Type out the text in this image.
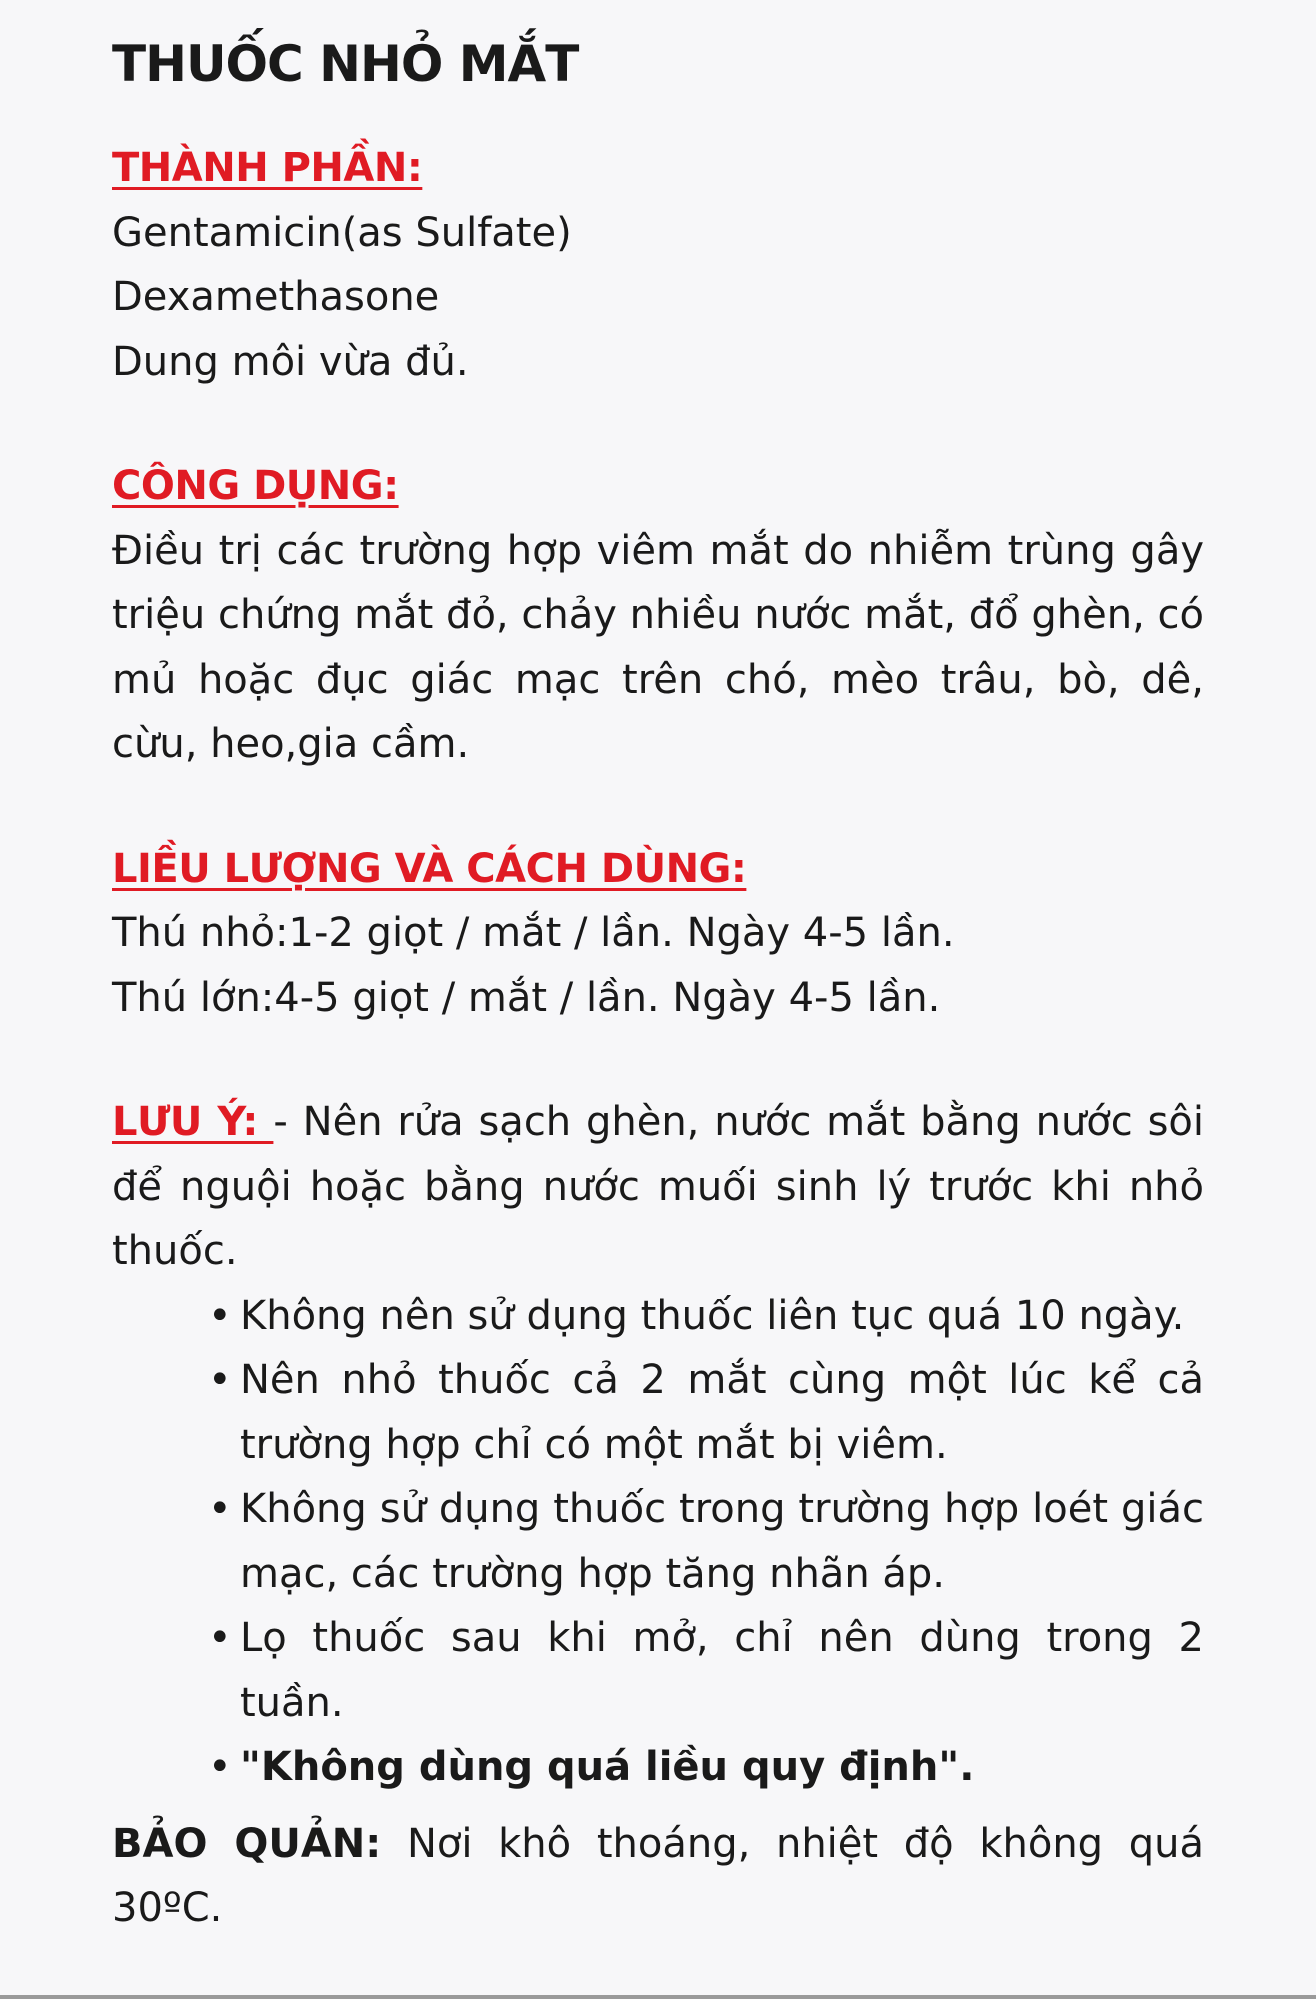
THUỐC NHỎ MẮT
THÀNH PHẦN:
Gentamicin(as Sulfate)
Dexamethasone
Dung môi vừa đủ.
CÔNG DỤNG:
Điều trị các trường hợp viêm mắt do nhiễm trùng gây triệu chứng mắt đỏ, chảy nhiều nước mắt, đổ ghèn, có mủ hoặc đục giác mạc trên chó, mèo trâu, bò, dê, cừu, heo,gia cầm.
LIỀU LƯỢNG VÀ CÁCH DÙNG:
Thú nhỏ:1-2 giọt / mắt / lần. Ngày 4-5 lần.
Thú lớn:4-5 giọt / mắt / lần. Ngày 4-5 lần.
LƯU Ý: - Nên rửa sạch ghèn, nước mắt bằng nước sôi để nguội hoặc bằng nước muối sinh lý trước khi nhỏ thuốc.
• Không nên sử dụng thuốc liên tục quá 10 ngày.
• Nên nhỏ thuốc cả 2 mắt cùng một lúc kể cả trường hợp chỉ có một mắt bị viêm.
• Không sử dụng thuốc trong trường hợp loét giác mạc, các trường hợp tăng nhãn áp.
• Lọ thuốc sau khi mở, chỉ nên dùng trong 2 tuần.
• "Không dùng quá liều quy định".
BẢO QUẢN: Nơi khô thoáng, nhiệt độ không quá 30ºC.
